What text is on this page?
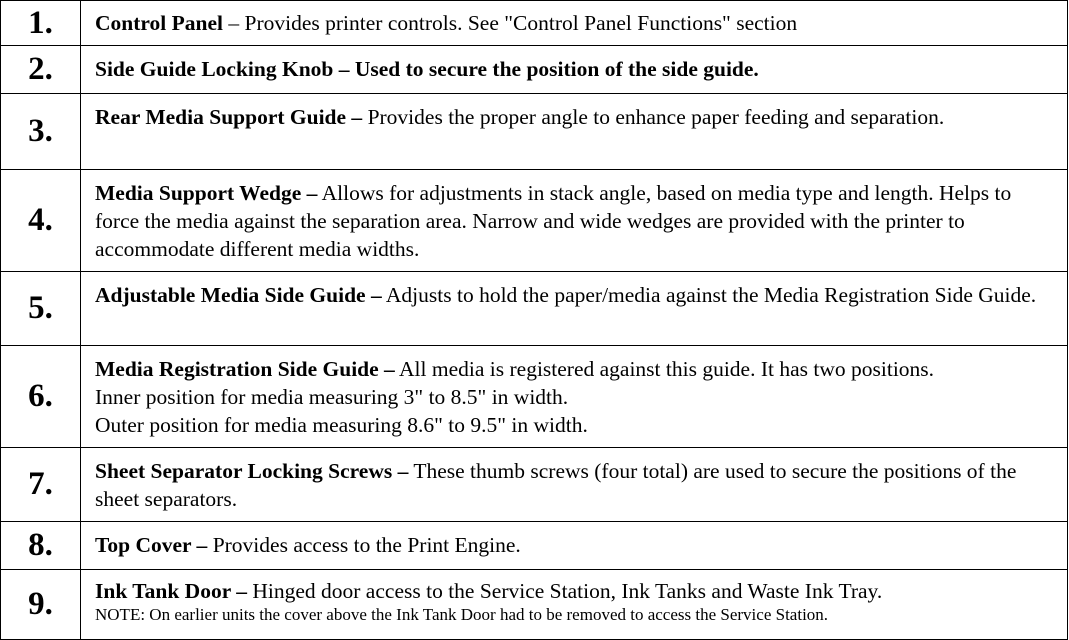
1.	Control Panel – Provides printer controls. See "Control Panel Functions" section
2.	Side Guide Locking Knob – Used to secure the position of the side guide.
3.	Rear Media Support Guide – Provides the proper angle to enhance paper feeding and separation.
4.	Media Support Wedge – Allows for adjustments in stack angle, based on media type and length. Helps to force the media against the separation area. Narrow and wide wedges are provided with the printer to accommodate different media widths.
5.	Adjustable Media Side Guide – Adjusts to hold the paper/media against the Media Registration Side Guide.
6.	Media Registration Side Guide – All media is registered against this guide. It has two positions.
Inner position for media measuring 3" to 8.5" in width.
Outer position for media measuring 8.6" to 9.5" in width.

7.	Sheet Separator Locking Screws – These thumb screws (four total) are used to secure the positions of the sheet separators.
8.	Top Cover – Provides access to the Print Engine.
9.	Ink Tank Door – Hinged door access to the Service Station, Ink Tanks and Waste Ink Tray.
NOTE: On earlier units the cover above the Ink Tank Door had to be removed to access the Service Station.
